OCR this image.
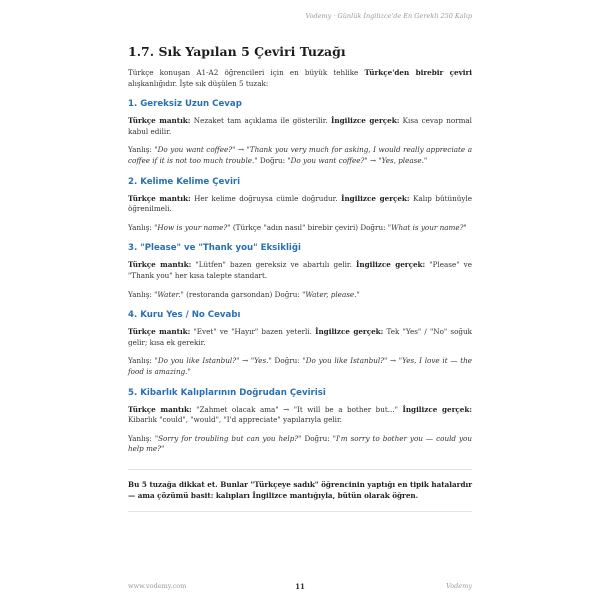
Vodemy · Günlük İngilizce'de En Gerekli 250 Kalıp
1.7. Sık Yapılan 5 Çeviri Tuzağı

Türkçe konuşan A1-A2 öğrencileri için en büyük tehlike Türkçe'den birebir çeviri alışkanlığıdır. İşte sık düşülen 5 tuzak:

1. Gereksiz Uzun Cevap

Türkçe mantık: Nezaket tam açıklama ile gösterilir. İngilizce gerçek: Kısa cevap normal kabul edilir.

Yanlış: "Do you want coffee?" → "Thank you very much for asking, I would really appreciate a coffee if it is not too much trouble." Doğru: "Do you want coffee?" → "Yes, please."

2. Kelime Kelime Çeviri

Türkçe mantık: Her kelime doğruysa cümle doğrudur. İngilizce gerçek: Kalıp bütünüyle öğrenilmeli.

Yanlış: "How is your name?" (Türkçe "adın nasıl" birebir çeviri) Doğru: "What is your name?"

3. "Please" ve "Thank you" Eksikliği

Türkçe mantık: "Lütfen" bazen gereksiz ve abartılı gelir. İngilizce gerçek: "Please" ve "Thank you" her kısa talepte standart.

Yanlış: "Water." (restoranda garsondan) Doğru: "Water, please."

4. Kuru Yes / No Cevabı

Türkçe mantık: "Evet" ve "Hayır" bazen yeterli. İngilizce gerçek: Tek "Yes" / "No" soğuk gelir; kısa ek gerekir.

Yanlış: "Do you like Istanbul?" → "Yes." Doğru: "Do you like Istanbul?" → "Yes, I love it — the food is amazing."

5. Kibarlık Kalıplarının Doğrudan Çevirisi

Türkçe mantık: "Zahmet olacak ama" → "It will be a bother but..." İngilizce gerçek: Kibarlık "could", "would", "I'd appreciate" yapılarıyla gelir.

Yanlış: "Sorry for troubling but can you help?" Doğru: "I'm sorry to bother you — could you help me?"

Bu 5 tuzağa dikkat et. Bunlar "Türkçeye sadık" öğrencinin yaptığı en tipik hatalardır — ama çözümü basit: kalıpları İngilizce mantığıyla, bütün olarak öğren.

www.vodemy.com	11	Vodemy
